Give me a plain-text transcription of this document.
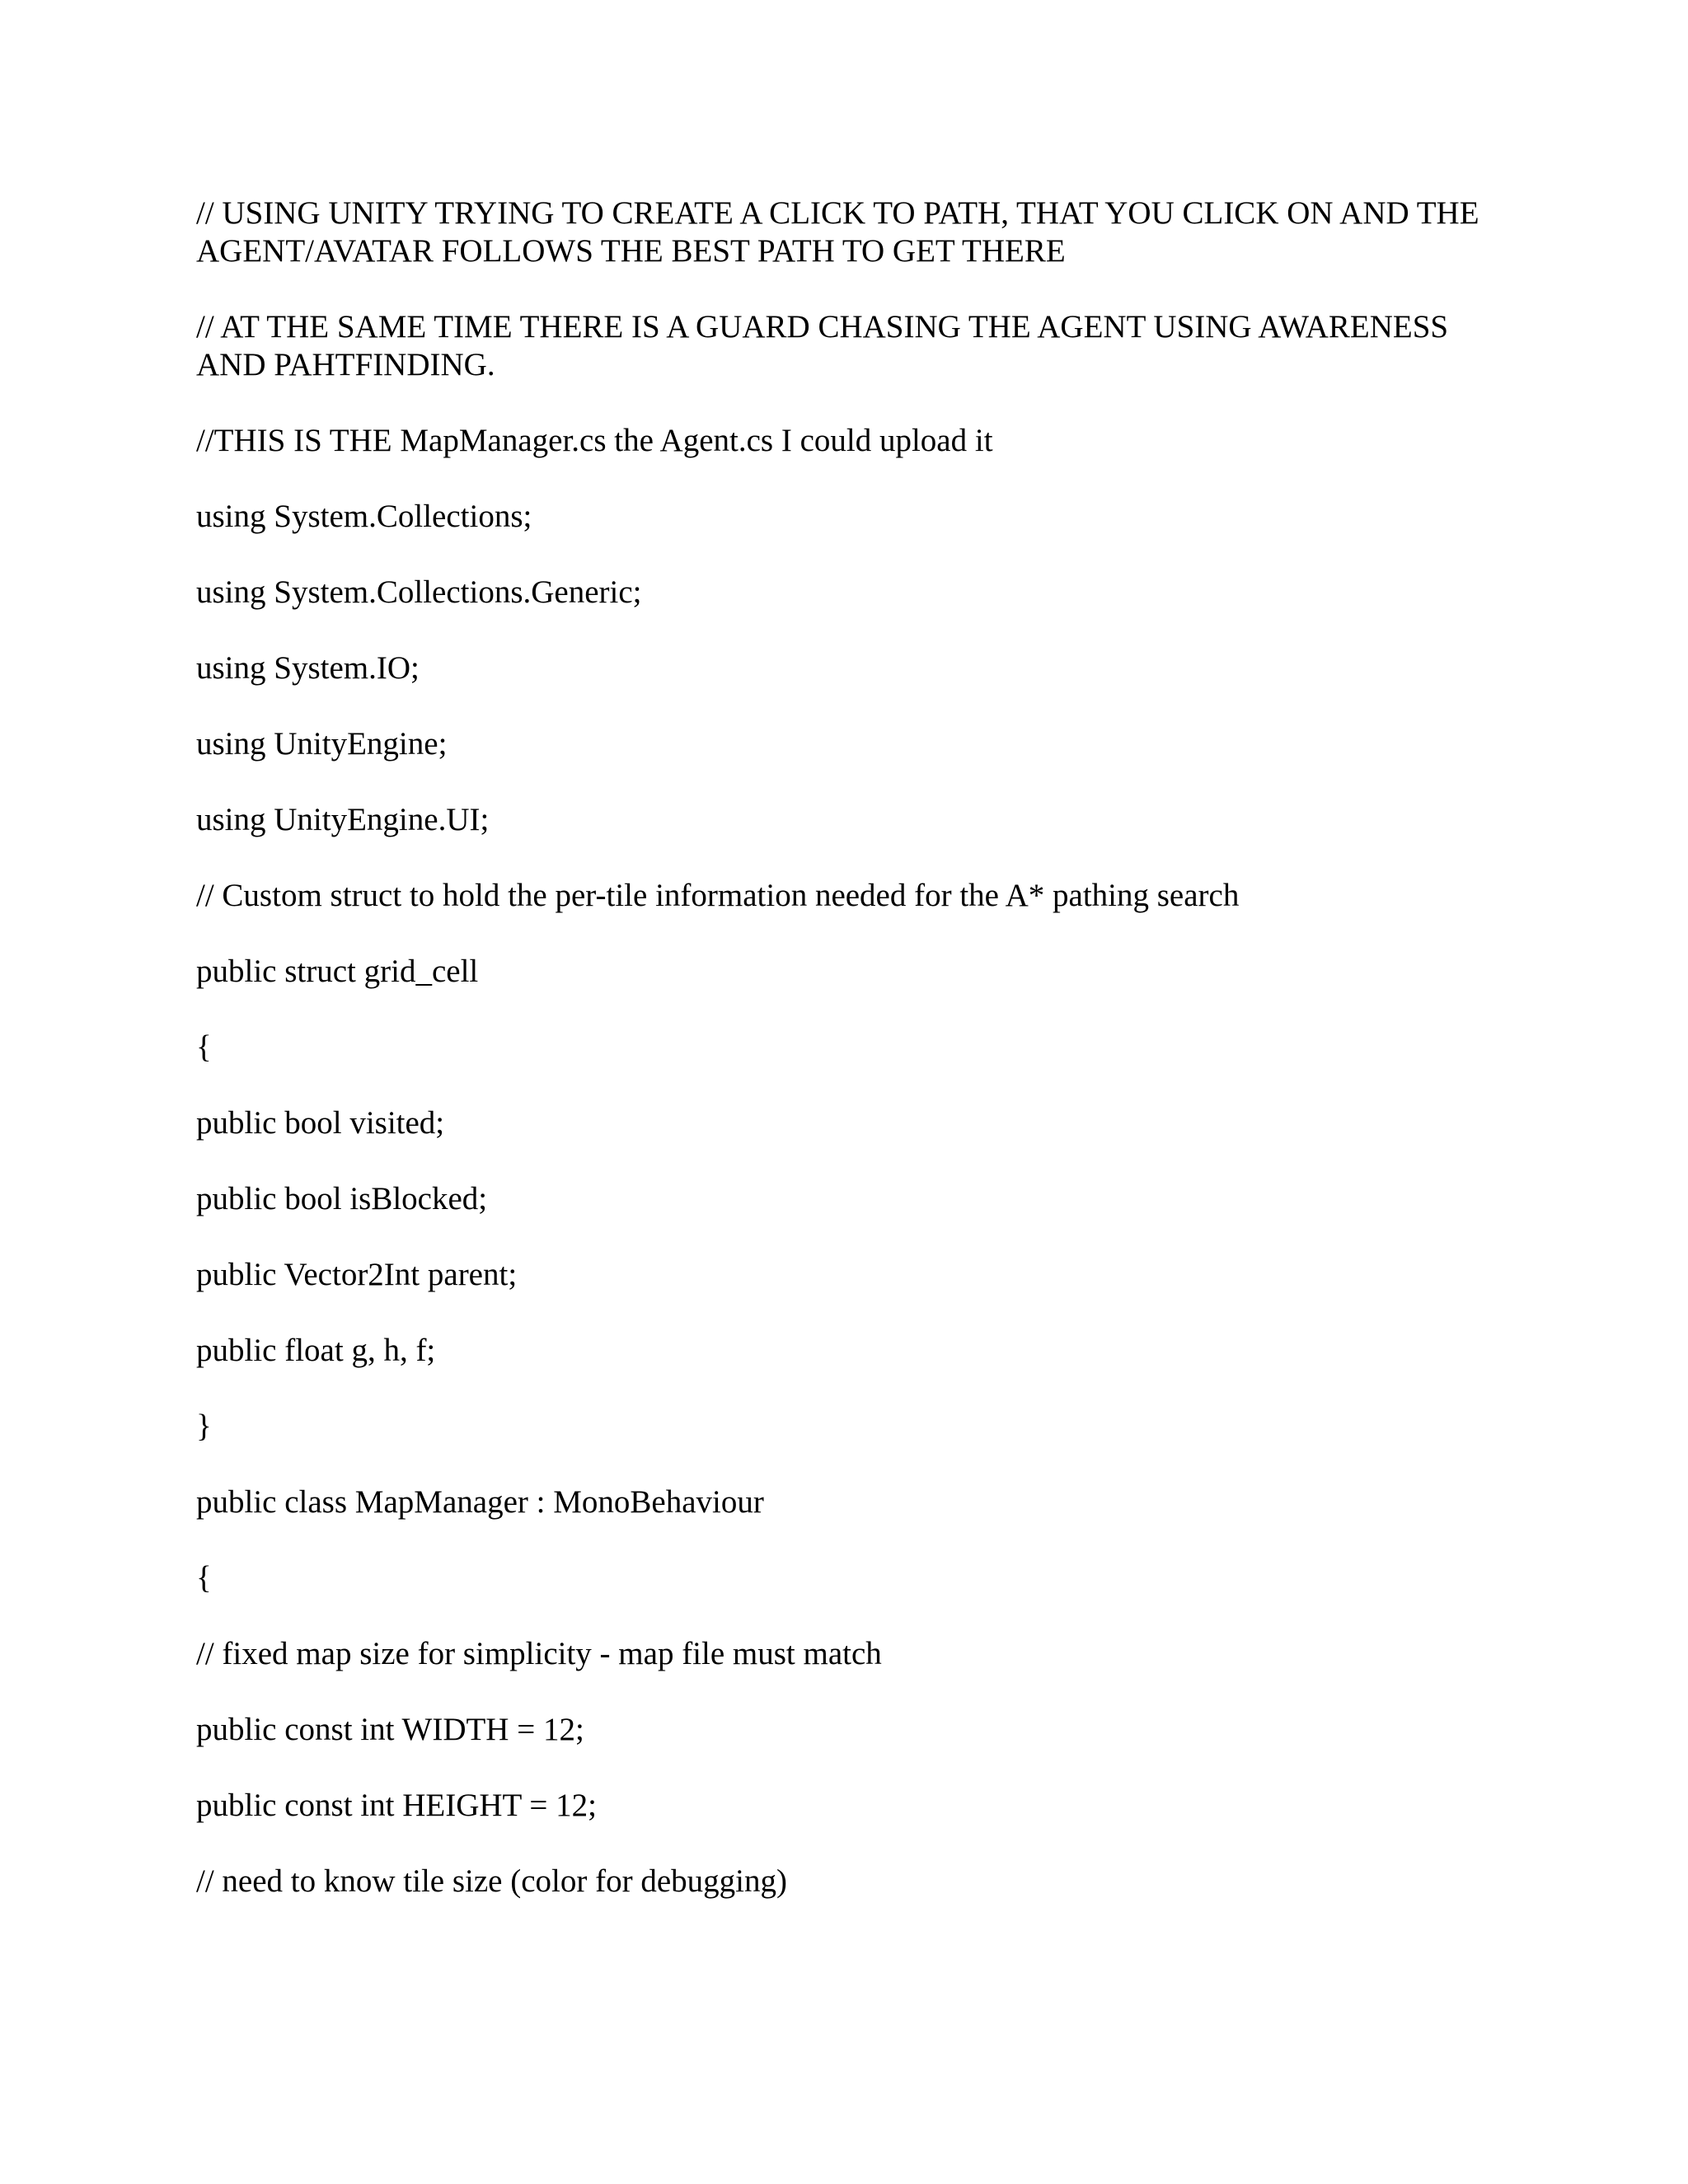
// USING UNITY TRYING TO CREATE A CLICK TO PATH, THAT YOU CLICK ON AND THE AGENT/AVATAR FOLLOWS THE BEST PATH TO GET THERE

// AT THE SAME TIME THERE IS A GUARD CHASING THE AGENT USING AWARENESS AND PAHTFINDING.

//THIS IS THE MapManager.cs the Agent.cs I could upload it

using System.Collections;

using System.Collections.Generic;

using System.IO;

using UnityEngine;

using UnityEngine.UI;

// Custom struct to hold the per-tile information needed for the A* pathing search

public struct grid_cell

{

public bool visited;

public bool isBlocked;

public Vector2Int parent;

public float g, h, f;

}

public class MapManager : MonoBehaviour

{

// fixed map size for simplicity - map file must match

public const int WIDTH = 12;

public const int HEIGHT = 12;

// need to know tile size (color for debugging)
